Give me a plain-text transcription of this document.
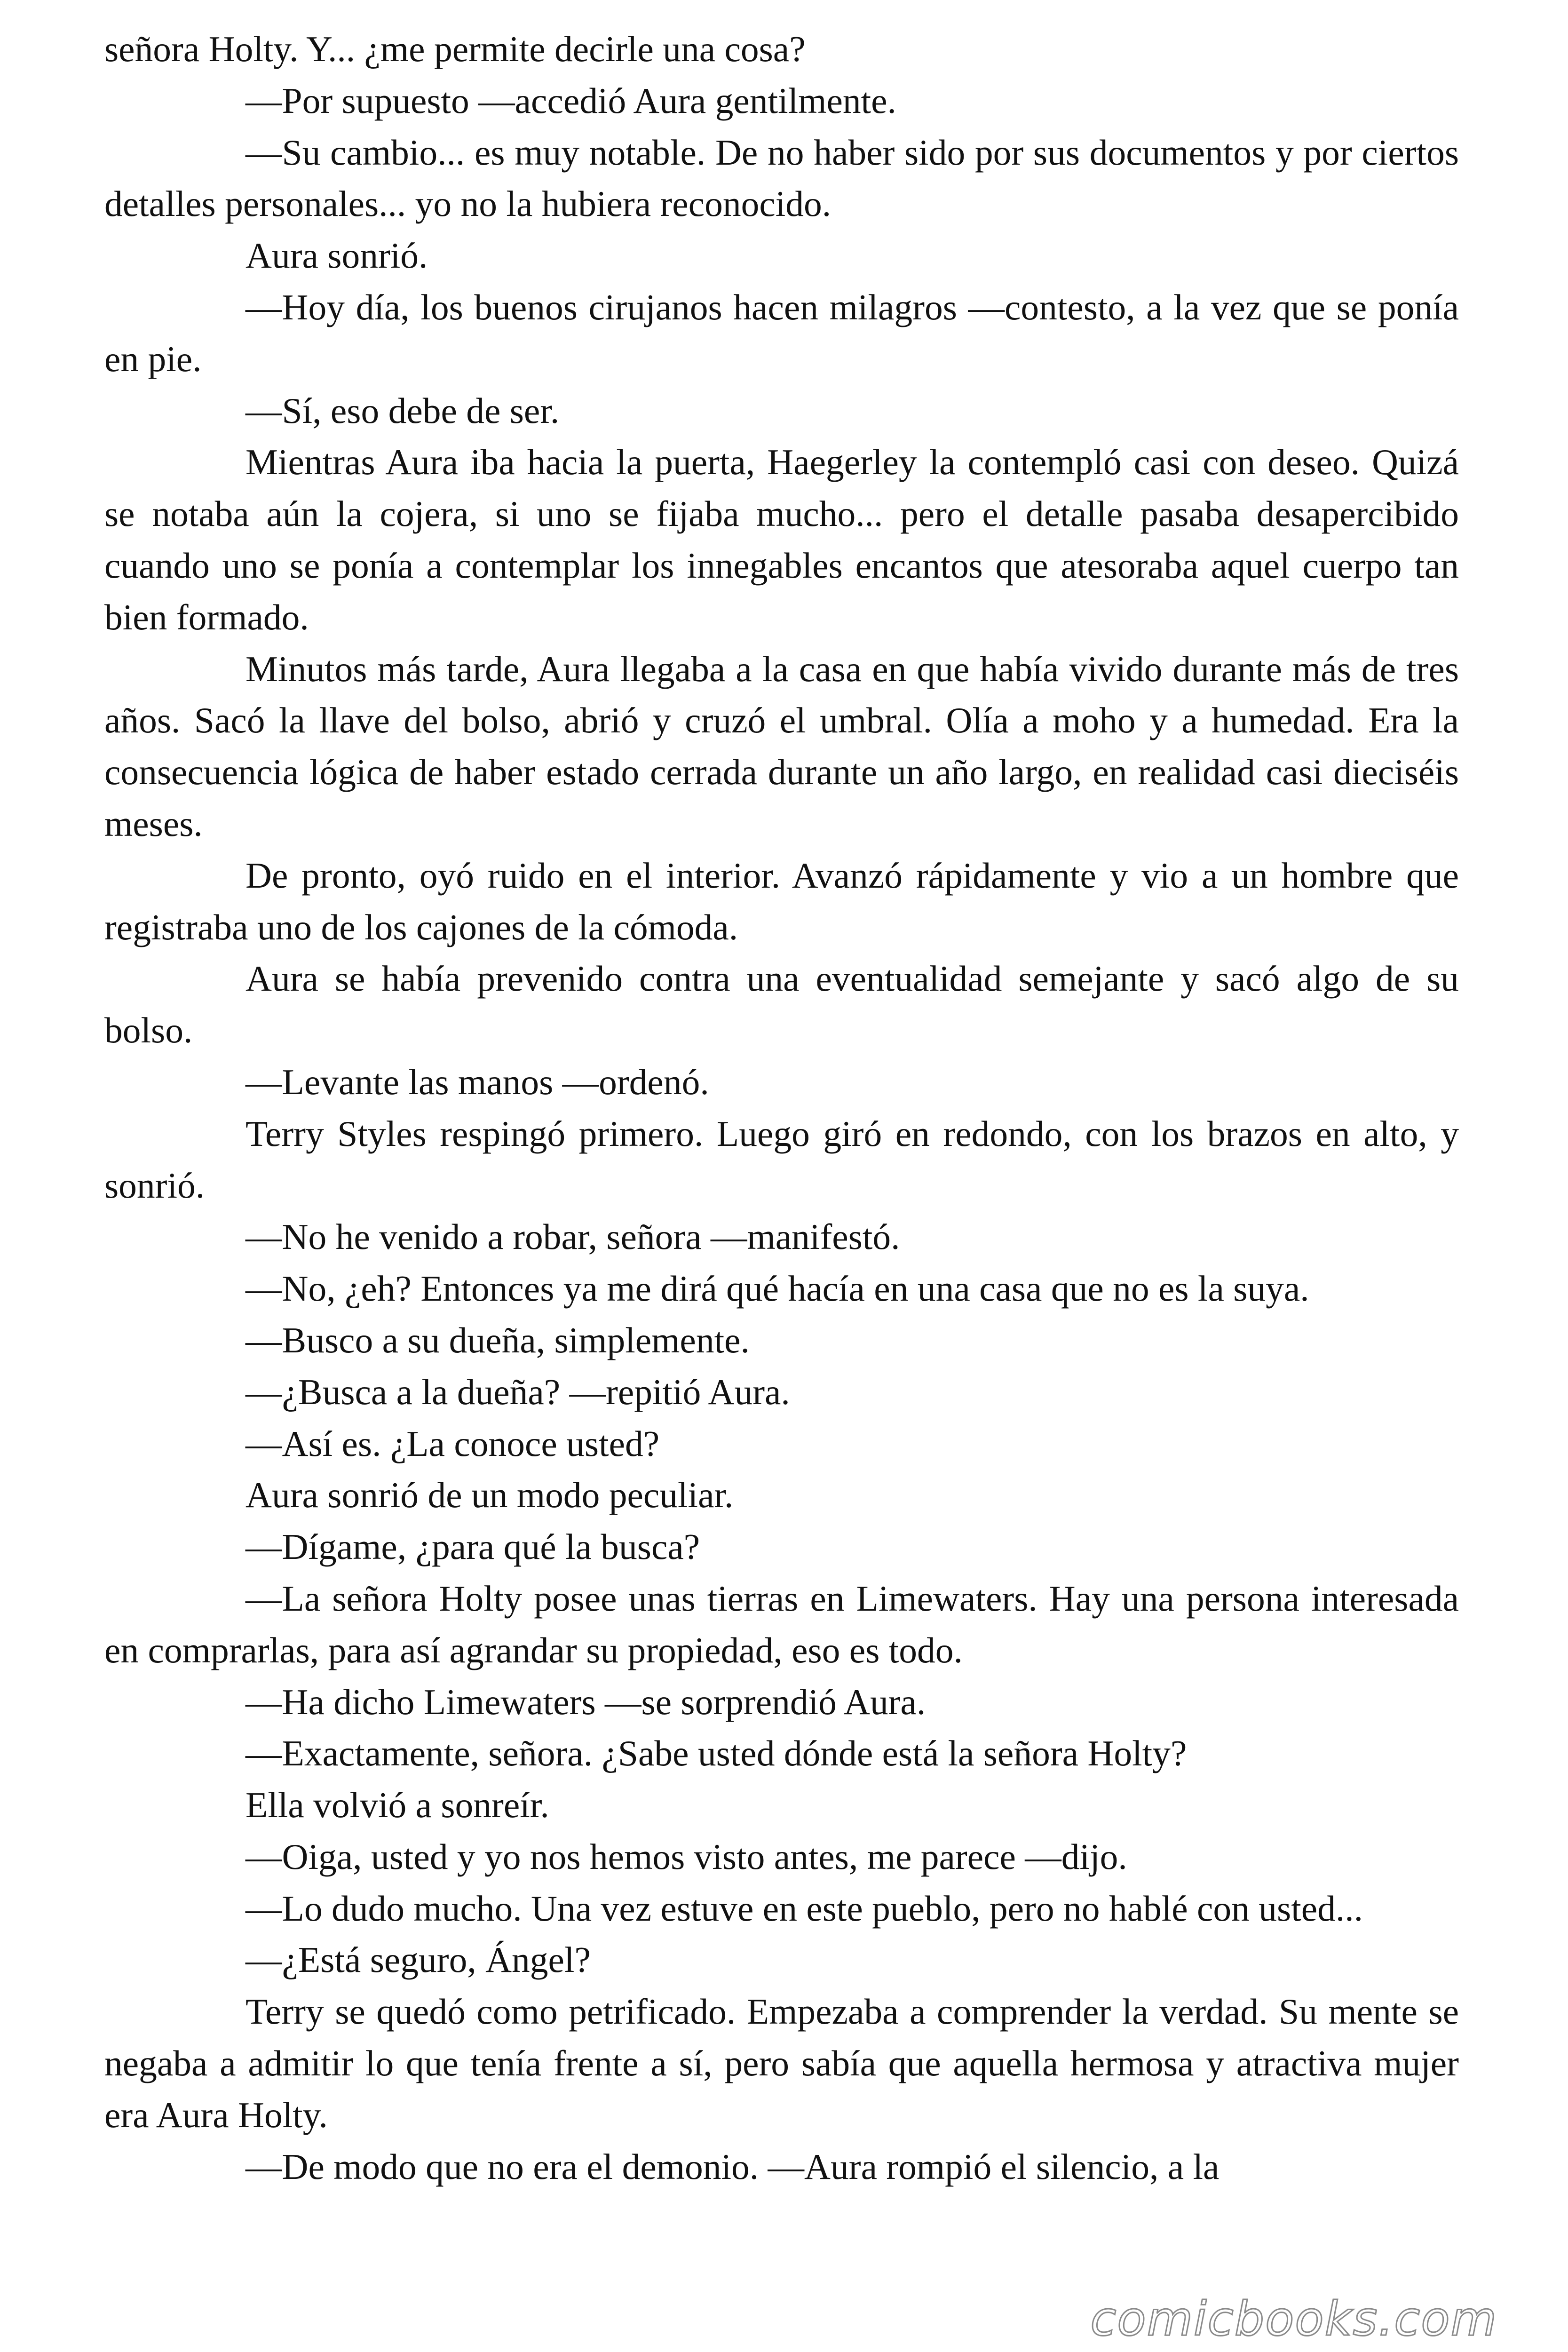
señora Holty. Y... ¿me permite decirle una cosa?

—Por supuesto —accedió Aura gentilmente.

—Su cambio... es muy notable. De no haber sido por sus documentos y por ciertos detalles personales... yo no la hubiera reconocido.

Aura sonrió.

—Hoy día, los buenos cirujanos hacen milagros —contesto, a la vez que se ponía en pie.

—Sí, eso debe de ser.

Mientras Aura iba hacia la puerta, Haegerley la contempló casi con deseo. Quizá se notaba aún la cojera, si uno se fijaba mucho... pero el detalle pasaba desapercibido cuando uno se ponía a contemplar los innegables encantos que atesoraba aquel cuerpo tan bien formado.

Minutos más tarde, Aura llegaba a la casa en que había vivido durante más de tres años. Sacó la llave del bolso, abrió y cruzó el umbral. Olía a moho y a humedad. Era la consecuencia lógica de haber estado cerrada durante un año largo, en realidad casi dieciséis meses.

De pronto, oyó ruido en el interior. Avanzó rápidamente y vio a un hombre que registraba uno de los cajones de la cómoda.

Aura se había prevenido contra una eventualidad semejante y sacó algo de su bolso.

—Levante las manos —ordenó.

Terry Styles respingó primero. Luego giró en redondo, con los brazos en alto, y sonrió.

—No he venido a robar, señora —manifestó.

—No, ¿eh? Entonces ya me dirá qué hacía en una casa que no es la suya.

—Busco a su dueña, simplemente.

—¿Busca a la dueña? —repitió Aura.

—Así es. ¿La conoce usted?

Aura sonrió de un modo peculiar.

—Dígame, ¿para qué la busca?

—La señora Holty posee unas tierras en Limewaters. Hay una persona interesada en comprarlas, para así agrandar su propiedad, eso es todo.

—Ha dicho Limewaters —se sorprendió Aura.

—Exactamente, señora. ¿Sabe usted dónde está la señora Holty?

Ella volvió a sonreír.

—Oiga, usted y yo nos hemos visto antes, me parece —dijo.

—Lo dudo mucho. Una vez estuve en este pueblo, pero no hablé con usted...

—¿Está seguro, Ángel?

Terry se quedó como petrificado. Empezaba a comprender la verdad. Su mente se negaba a admitir lo que tenía frente a sí, pero sabía que aquella hermosa y atractiva mujer era Aura Holty.

—De modo que no era el demonio. —Aura rompió el silencio, a la

comicbooks.com
